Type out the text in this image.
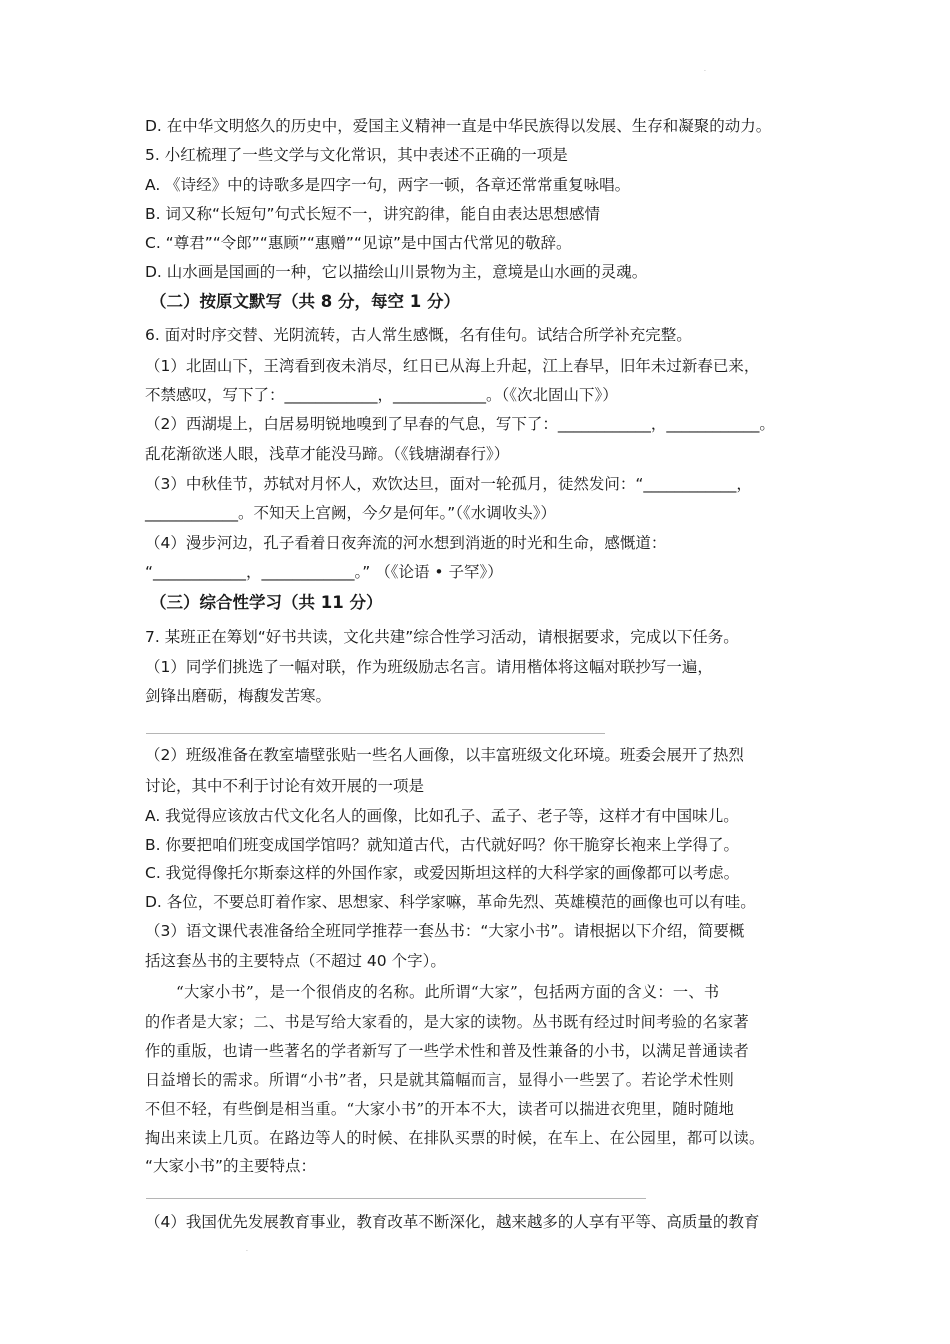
.
D. 在中华文明悠久的历史中，爱国主义精神一直是中华民族得以发展、生存和凝聚的动力。
5. 小红梳理了一些文学与文化常识，其中表述不正确的一项是
A. 《诗经》中的诗歌多是四字一句，两字一顿，各章还常常重复咏唱。
B. 词又称“长短句”句式长短不一，讲究韵律，能自由表达思想感情
C. “尊君”“令郎”“惠顾”“惠赠”“见谅”是中国古代常见的敬辞。
D. 山水画是国画的一种，它以描绘山川景物为主，意境是山水画的灵魂。
（二）按原文默写（共 8 分，每空 1 分）
6. 面对时序交替、光阴流转，古人常生感慨，名有佳句。试结合所学补充完整。
（1）北固山下，王湾看到夜未消尽，红日已从海上升起，江上春早，旧年未过新春已来，
不禁感叹，写下了：____________，____________。（《次北固山下》）
（2）西湖堤上，白居易明锐地嗅到了早春的气息，写下了：____________，____________。
乱花渐欲迷人眼，浅草才能没马蹄。（《钱塘湖春行》）
（3）中秋佳节，苏轼对月怀人，欢饮达旦，面对一轮孤月，徒然发问：“____________，
____________。不知天上宫阙，今夕是何年。”（《水调收头》）
（4）漫步河边，孔子看着日夜奔流的河水想到消逝的时光和生命，感慨道：
“____________，____________。” （《论语 • 子罕》）
（三）综合性学习（共 11 分）
7. 某班正在筹划“好书共读，文化共建”综合性学习活动，请根据要求，完成以下任务。
（1）同学们挑选了一幅对联，作为班级励志名言。请用楷体将这幅对联抄写一遍，
剑锋出磨砺，梅馥发苦寒。
（2）班级准备在教室墙壁张贴一些名人画像，以丰富班级文化环境。班委会展开了热烈
讨论，其中不利于讨论有效开展的一项是
A. 我觉得应该放古代文化名人的画像，比如孔子、孟子、老子等，这样才有中国味儿。
B. 你要把咱们班变成国学馆吗？就知道古代，古代就好吗？你干脆穿长袍来上学得了。
C. 我觉得像托尔斯泰这样的外国作家，或爱因斯坦这样的大科学家的画像都可以考虑。
D. 各位，不要总盯着作家、思想家、科学家嘛，革命先烈、英雄模范的画像也可以有哇。
（3）语文课代表准备给全班同学推荐一套丛书：“大家小书”。请根据以下介绍，简要概
括这套丛书的主要特点（不超过 40 个字）。
“大家小书”，是一个很俏皮的名称。此所谓“大家”，包括两方面的含义：一、书
的作者是大家；二、书是写给大家看的，是大家的读物。丛书既有经过时间考验的名家著
作的重版，也请一些著名的学者新写了一些学术性和普及性兼备的小书，以满足普通读者
日益增长的需求。所谓“小书”者，只是就其篇幅而言，显得小一些罢了。若论学术性则
不但不轻，有些倒是相当重。“大家小书”的开本不大，读者可以揣进衣兜里，随时随地
掏出来读上几页。在路边等人的时候、在排队买票的时候，在车上、在公园里，都可以读。
“大家小书”的主要特点：
（4）我国优先发展教育事业，教育改革不断深化，越来越多的人享有平等、高质量的教育
.
